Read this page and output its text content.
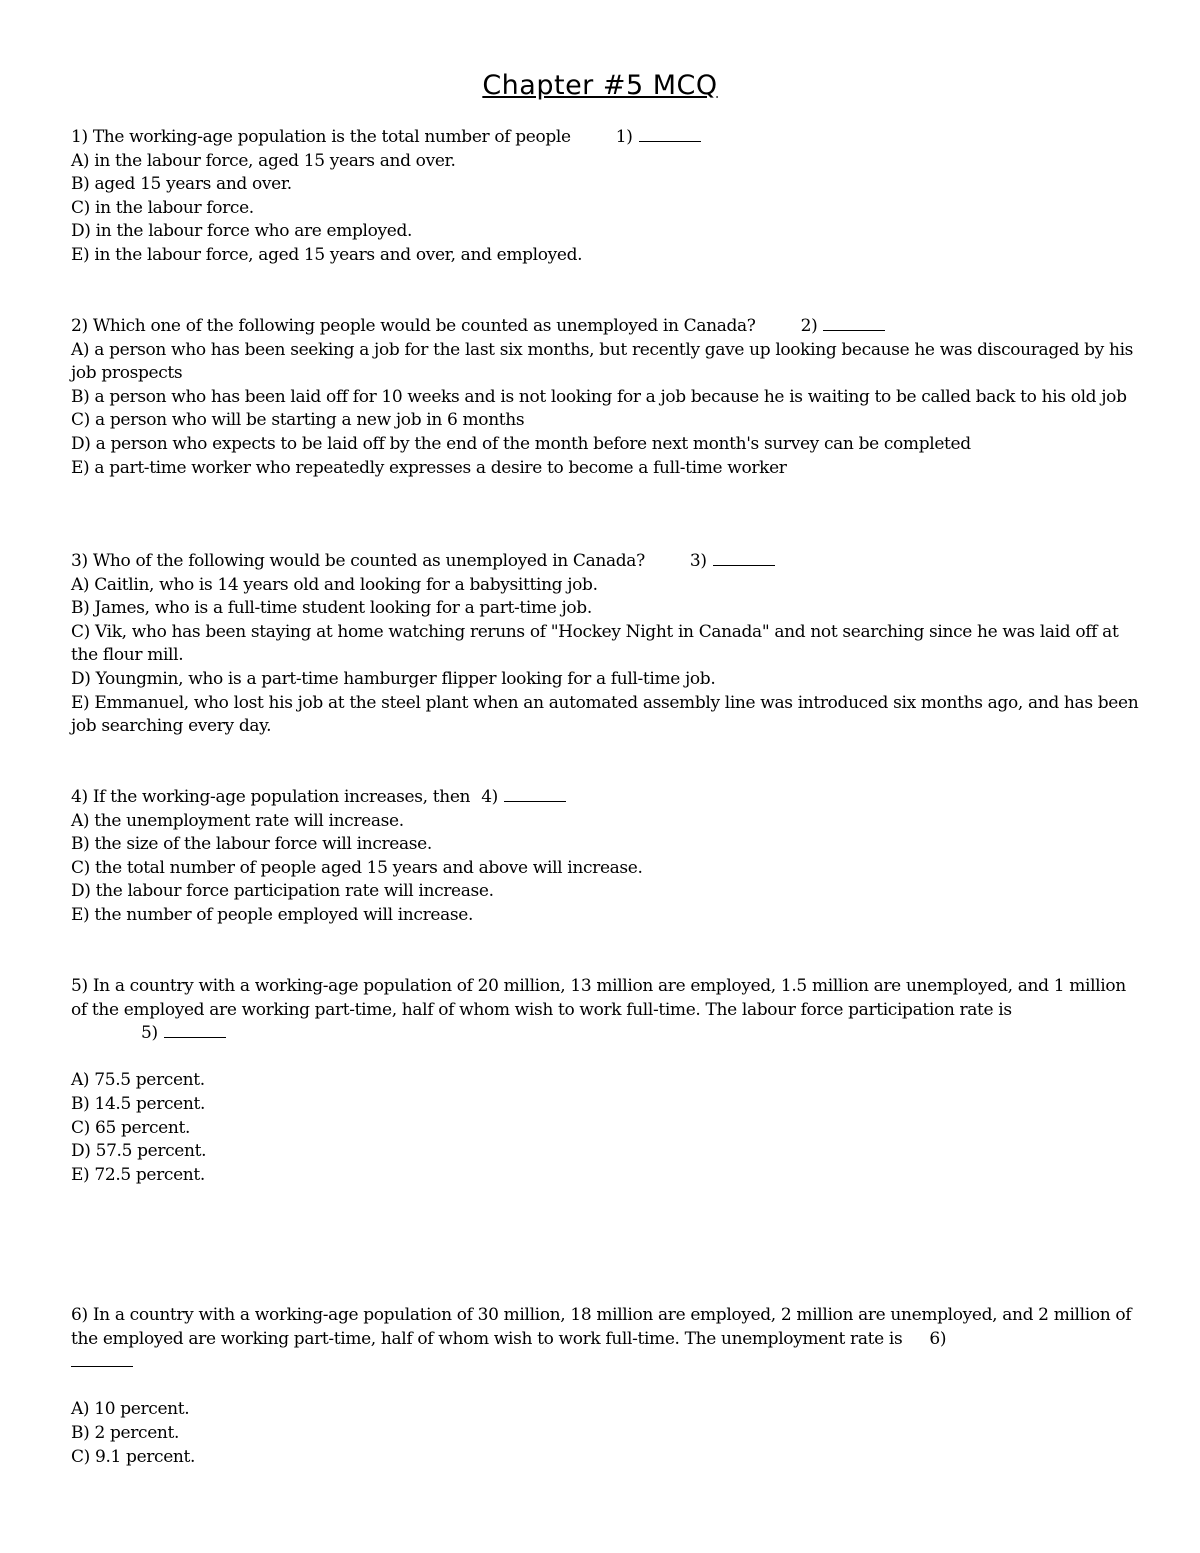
Chapter #5 MCQ

1) The working-age population is the total number of people	1)

A) in the labour force, aged 15 years and over.

B) aged 15 years and over.

C) in the labour force.

D) in the labour force who are employed.

E) in the labour force, aged 15 years and over, and employed.

2) Which one of the following people would be counted as unemployed in Canada?	2)

A) a person who has been seeking a job for the last six months, but recently gave up looking because he was discouraged by his job prospects

B) a person who has been laid off for 10 weeks and is not looking for a job because he is waiting to be called back to his old job

C) a person who will be starting a new job in 6 months

D) a person who expects to be laid off by the end of the month before next month's survey can be completed

E) a part-time worker who repeatedly expresses a desire to become a full-time worker

3) Who of the following would be counted as unemployed in Canada?	3)

A) Caitlin, who is 14 years old and looking for a babysitting job.

B) James, who is a full-time student looking for a part-time job.

C) Vik, who has been staying at home watching reruns of "Hockey Night in Canada" and not searching since he was laid off at the flour mill.

D) Youngmin, who is a part-time hamburger flipper looking for a full-time job.

E) Emmanuel, who lost his job at the steel plant when an automated assembly line was introduced six months ago, and has been job searching every day.

4) If the working-age population increases, then 4)

A) the unemployment rate will increase.

B) the size of the labour force will increase.

C) the total number of people aged 15 years and above will increase.

D) the labour force participation rate will increase.

E) the number of people employed will increase.

5) In a country with a working-age population of 20 million, 13 million are employed, 1.5 million are unemployed, and 1 million of the employed are working part-time, half of whom wish to work full-time. The labour force participation rate is
5)

A) 75.5 percent.

B) 14.5 percent.

C) 65 percent.

D) 57.5 percent.

E) 72.5 percent.

6) In a country with a working-age population of 30 million, 18 million are employed, 2 million are unemployed, and 2 million of the employed are working part-time, half of whom wish to work full-time. The unemployment rate is 6)

A) 10 percent.

B) 2 percent.

C) 9.1 percent.
